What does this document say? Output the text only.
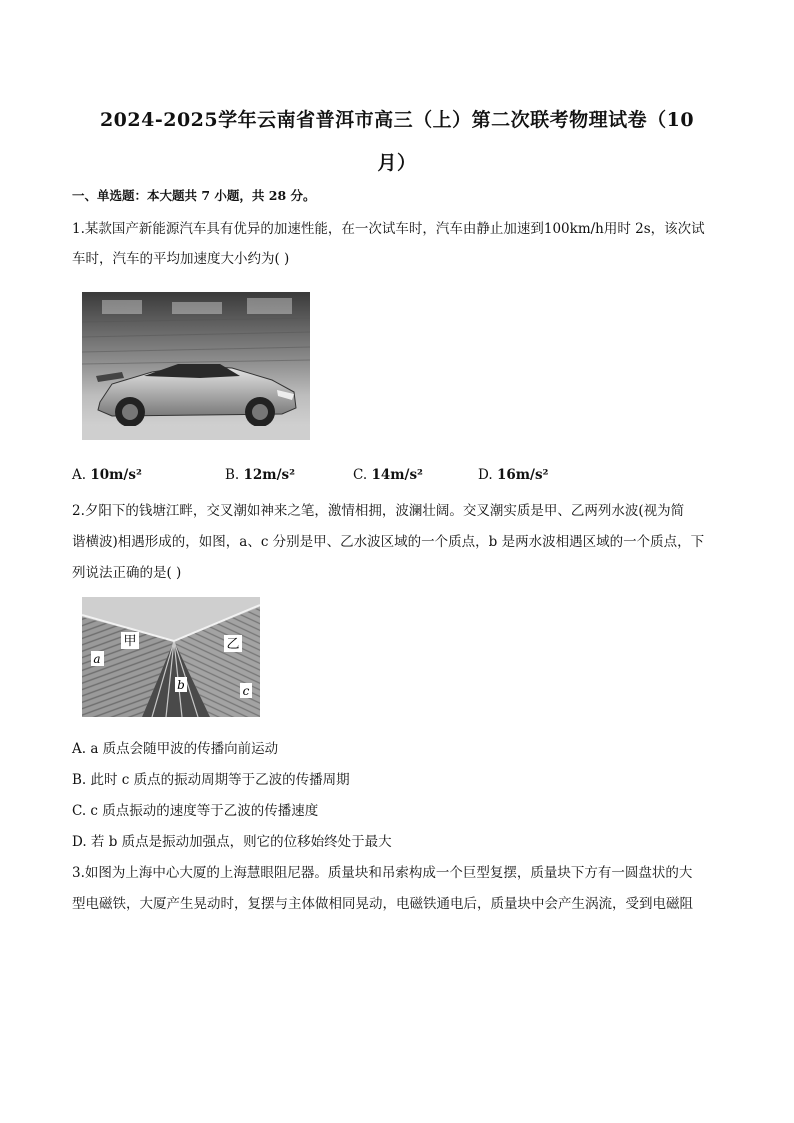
2024-2025学年云南省普洱市高三（上）第二次联考物理试卷（10
月）
一、单选题：本大题共 7 小题，共 28 分。
1.某款国产新能源汽车具有优异的加速性能，在一次试车时，汽车由静止加速到100km/h用时 2s，该次试
车时，汽车的平均加速度大小约为( )
A. 10m/s²	B. 12m/s²	C. 14m/s²	D. 16m/s²
2.夕阳下的钱塘江畔，交叉潮如神来之笔，激情相拥，波澜壮阔。交叉潮实质是甲、乙两列水波(视为简
谐横波)相遇形成的，如图，a、c 分别是甲、乙水波区域的一个质点，b 是两水波相遇区域的一个质点，下
列说法正确的是( )
甲	乙
a
b	c
A. a 质点会随甲波的传播向前运动
B. 此时 c 质点的振动周期等于乙波的传播周期
C. c 质点振动的速度等于乙波的传播速度
D. 若 b 质点是振动加强点，则它的位移始终处于最大
3.如图为上海中心大厦的上海慧眼阻尼器。质量块和吊索构成一个巨型复摆，质量块下方有一圆盘状的大
型电磁铁，大厦产生晃动时，复摆与主体做相同晃动，电磁铁通电后，质量块中会产生涡流，受到电磁阻
